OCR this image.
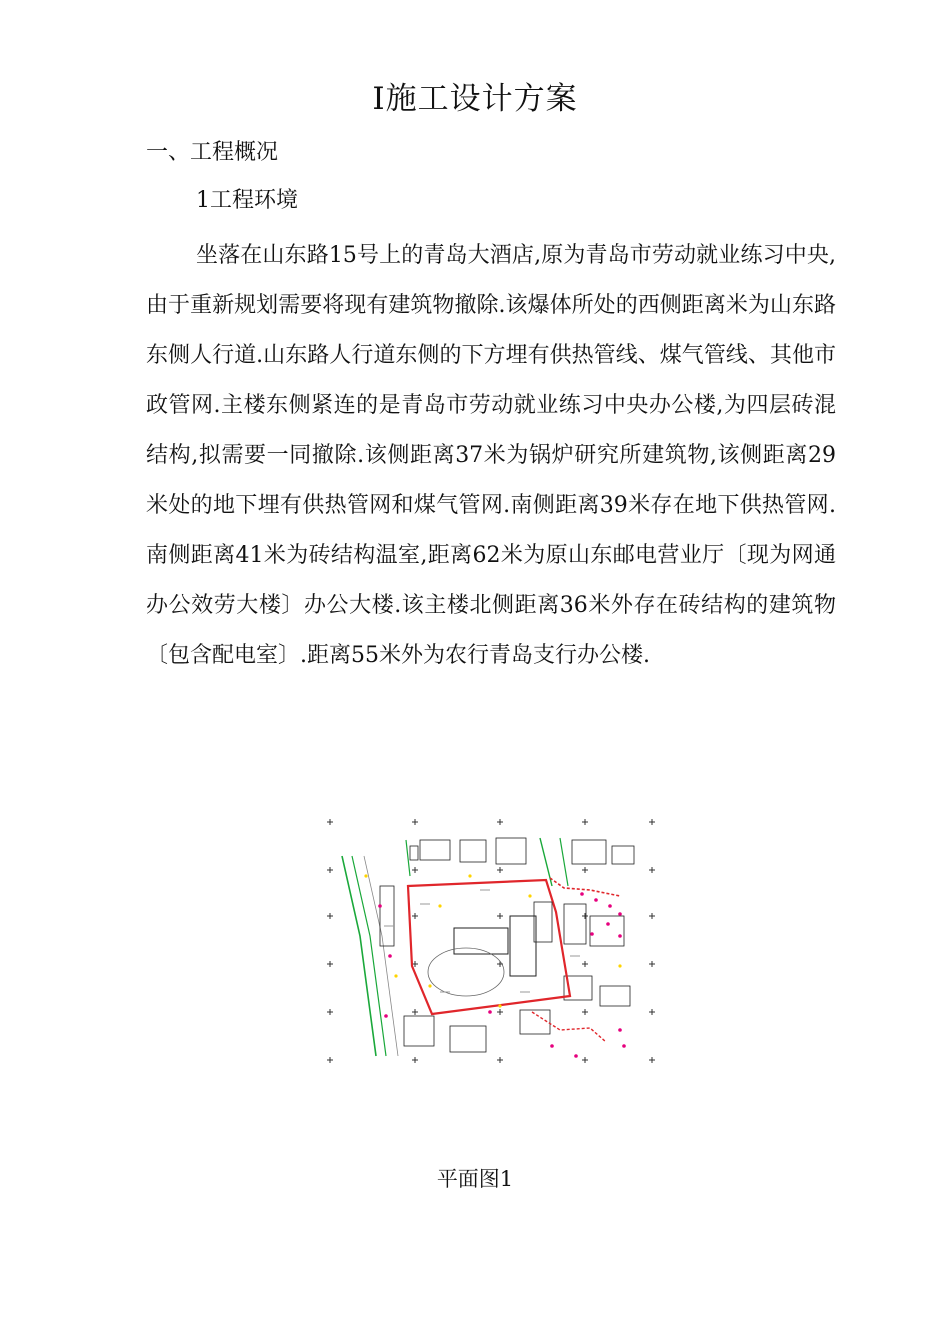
I施工设计方案
一、工程概况
1工程环境

坐落在山东路15号上的青岛大酒店,原为青岛市劳动就业练习中央,由于重新规划需要将现有建筑物撤除.该爆体所处的西侧距离米为山东路东侧人行道.山东路人行道东侧的下方埋有供热管线、煤气管线、其他市政管网.主楼东侧紧连的是青岛市劳动就业练习中央办公楼,为四层砖混结构,拟需要一同撤除.该侧距离37米为锅炉研究所建筑物,该侧距离29米处的地下埋有供热管网和煤气管网.南侧距离39米存在地下供热管网.南侧距离41米为砖结构温室,距离62米为原山东邮电营业厅〔现为网通办公效劳大楼〕办公大楼.该主楼北侧距离36米外存在砖结构的建筑物〔包含配电室〕.距离55米外为农行青岛支行办公楼.

平面图1
